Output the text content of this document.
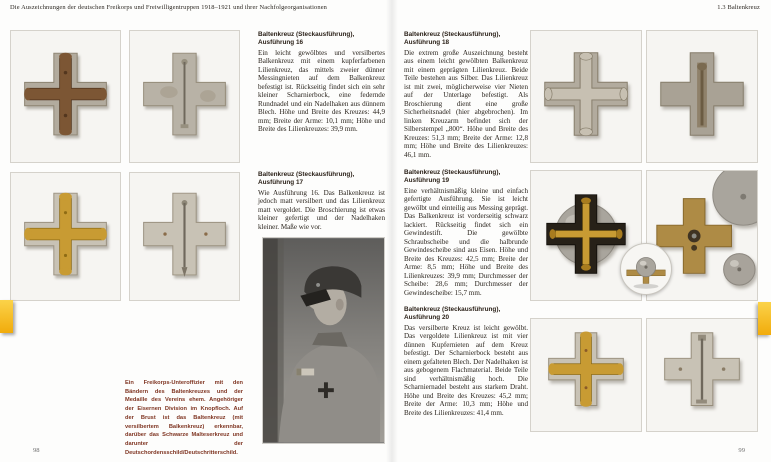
Die Auszeichnungen der deutschen Freikorps und Freiwilligentruppen 1918–1921 und ihrer Nachfolgeorganisationen
Baltenkreuz (Steckausführung),
Ausführung 16

Ein leicht gewölbtes und versilbertes Balkenkreuz mit einem kupferfarbenen Lilienkreuz, das mittels zweier dünner Messingnieten auf dem Balkenkreuz befestigt ist. Rückseitig findet sich ein sehr kleiner Scharnierbock, eine federnde Rundnadel und ein Nadelhaken aus dünnem Blech. Höhe und Breite des Kreuzes: 44,9 mm; Breite der Arme: 10,1 mm; Höhe und Breite des Lilienkreuzes: 39,9 mm.

Baltenkreuz (Steckausführung),
Ausführung 17

Wie Ausführung 16. Das Balkenkreuz ist jedoch matt versilbert und das Lilienkreuz matt vergoldet. Die Broschierung ist etwas kleiner gefertigt und der Nadelhaken kleiner. Maße wie vor.

Ein Freikorps-Unteroffizier mit den Bändern des Baltenkreuzes und der Medaille des Vereins ehem. Angehöriger der Eisernen Division im Knopfloch. Auf der Brust ist das Baltenkreuz (mit versilbertem Balkenkreuz) erkennbar, darüber das Schwarze Malteserkreuz und darunter der Deutschordensschild/Deutschritterschild.
98
1.3 Baltenkreuz
Baltenkreuz (Steckausführung),
Ausführung 18

Die extrem große Auszeichnung besteht aus einem leicht gewölbten Balkenkreuz mit einem geprägten Lilienkreuz. Beide Teile bestehen aus Silber. Das Lilienkreuz ist mit zwei, möglicherweise vier Nieten auf der Unterlage befestigt. Als Broschierung dient eine große Sicherheitsnadel (hier abgebrochen). Im linken Kreuzarm befindet sich der Silberstempel „800“. Höhe und Breite des Kreuzes: 51,3 mm; Breite der Arme: 12,8 mm; Höhe und Breite des Lilienkreuzes: 46,1 mm.

Baltenkreuz (Steckausführung),
Ausführung 19

Eine verhältnismäßig kleine und einfach gefertigte Ausführung. Sie ist leicht gewölbt und einteilig aus Messing geprägt. Das Balkenkreuz ist vorderseitig schwarz lackiert. Rückseitig findet sich ein Gewindestift. Die gewölbte Schraubscheibe und die halbrunde Gewindescheibe sind aus Eisen. Höhe und Breite des Kreuzes: 42,5 mm; Breite der Arme: 8,5 mm; Höhe und Breite des Lilienkreuzes: 39,9 mm; Durchmesser der Scheibe: 28,6 mm; Durchmesser der Gewindescheibe: 15,7 mm.

Baltenkreuz (Steckausführung),
Ausführung 20

Das versilberte Kreuz ist leicht gewölbt. Das vergoldete Lilienkreuz ist mit vier dünnen Kupfernieten auf dem Kreuz befestigt. Der Scharnierbock besteht aus einem gefalteten Blech. Der Nadelhaken ist aus gebogenem Flachmaterial. Beide Teile sind verhältnismäßig hoch. Die Scharniernadel besteht aus starkem Draht. Höhe und Breite des Kreuzes: 45,2 mm; Breite der Arme: 10,3 mm; Höhe und Breite des Lilienkreuzes: 41,4 mm.

99
